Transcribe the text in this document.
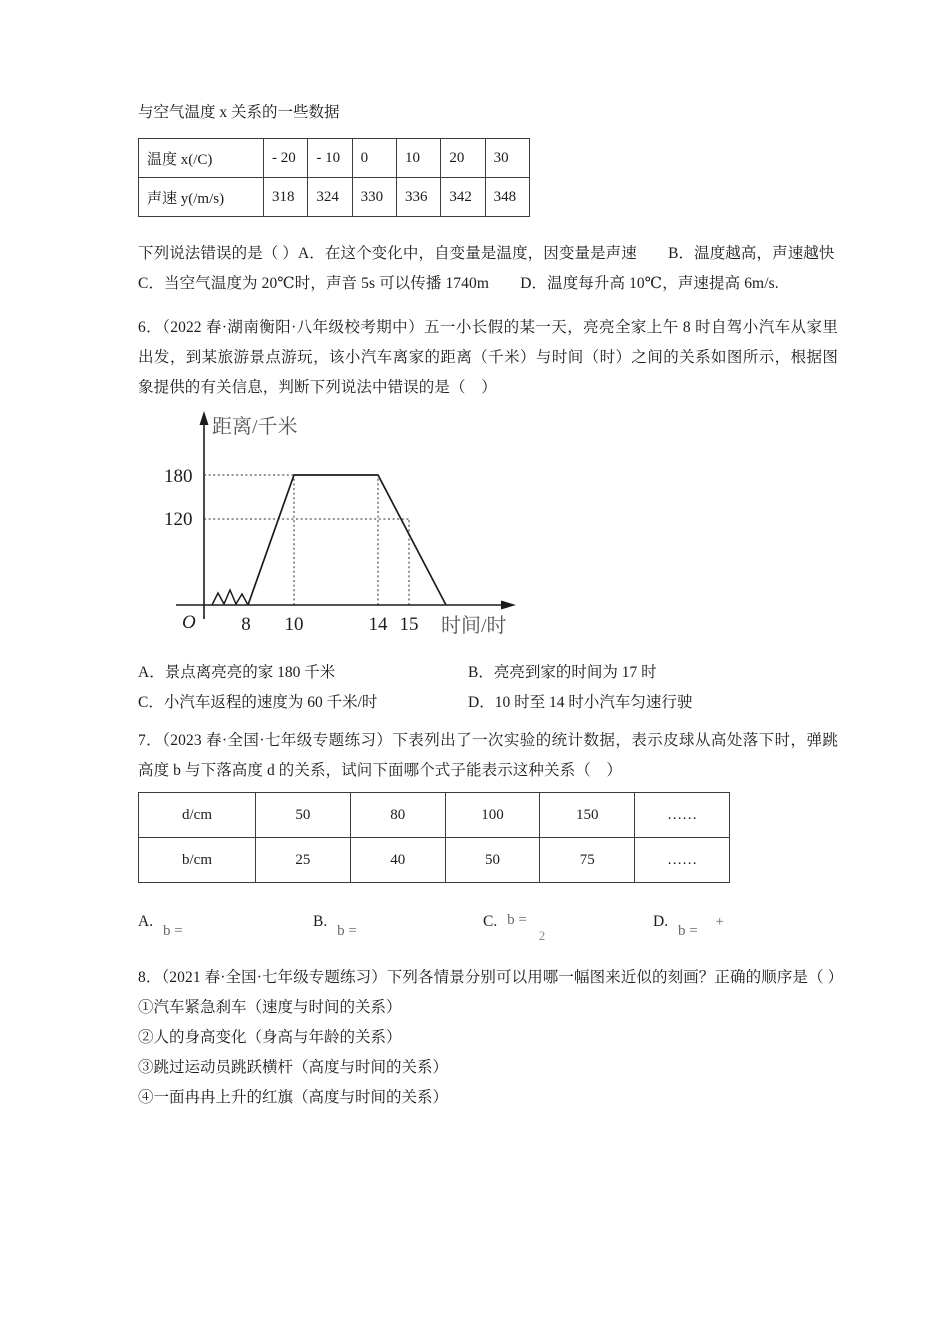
与空气温度 x 关系的一些数据
温度 x(/C)	- 20	- 10	0	10	20	30
声速 y(/m/s)	318	324	330	336	342	348

下列说法错误的是（ ）A．在这个变化中，自变量是温度，因变量是声速　　B．温度越高，声速越快

C．当空气温度为 20℃时，声音 5s 可以传播 1740m　　D．温度每升高 10℃，声速提高 6m/s.

6．（2022 春·湖南衡阳·八年级校考期中）五一小长假的某一天，亮亮全家上午 8 时自驾小汽车从家里出发，到某旅游景点游玩，该小汽车离家的距离（千米）与时间（时）之间的关系如图所示，根据图象提供的有关信息，判断下列说法中错误的是（　）

距离/千米
时间/时
O
180
120
8 10	14 15
A．景点离亮亮的家 180 千米	B．亮亮到家的时间为 17 时
C．小汽车返程的速度为 60 千米/时	D．10 时至 14 时小汽车匀速行驶

7．（2023 春·全国·七年级专题练习）下表列出了一次实验的统计数据，表示皮球从高处落下时，弹跳高度 b 与下落高度 d 的关系，试问下面哪个式子能表示这种关系（　）

d/cm	50	80	100	150	……
b/cm	25	40	50	75	……
A. b =
B. b =
C. b = $_2$
D. b = +

8．（2021 春·全国·七年级专题练习）下列各情景分别可以用哪一幅图来近似的刻画？正确的顺序是（ ）

①汽车紧急刹车（速度与时间的关系）
②人的身高变化（身高与年龄的关系）
③跳过运动员跳跃横杆（高度与时间的关系）
④一面冉冉上升的红旗（高度与时间的关系）
